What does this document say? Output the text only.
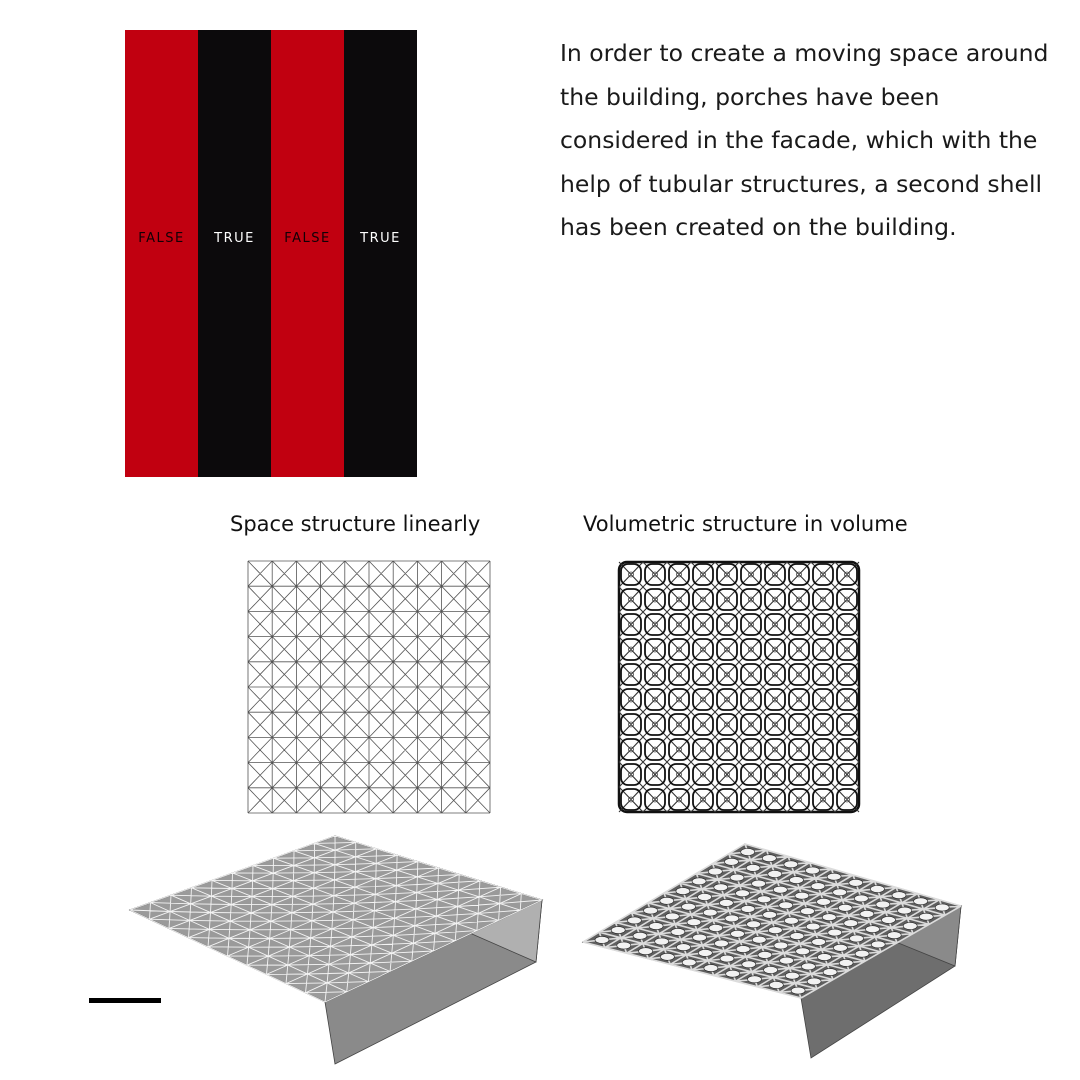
FALSE TRUE FALSE TRUE

In order to create a moving space around the building, porches have been considered in the facade, which with the help of tubular structures, a second shell has been created on the building.

Space structure linearly	Volumetric structure in volume
